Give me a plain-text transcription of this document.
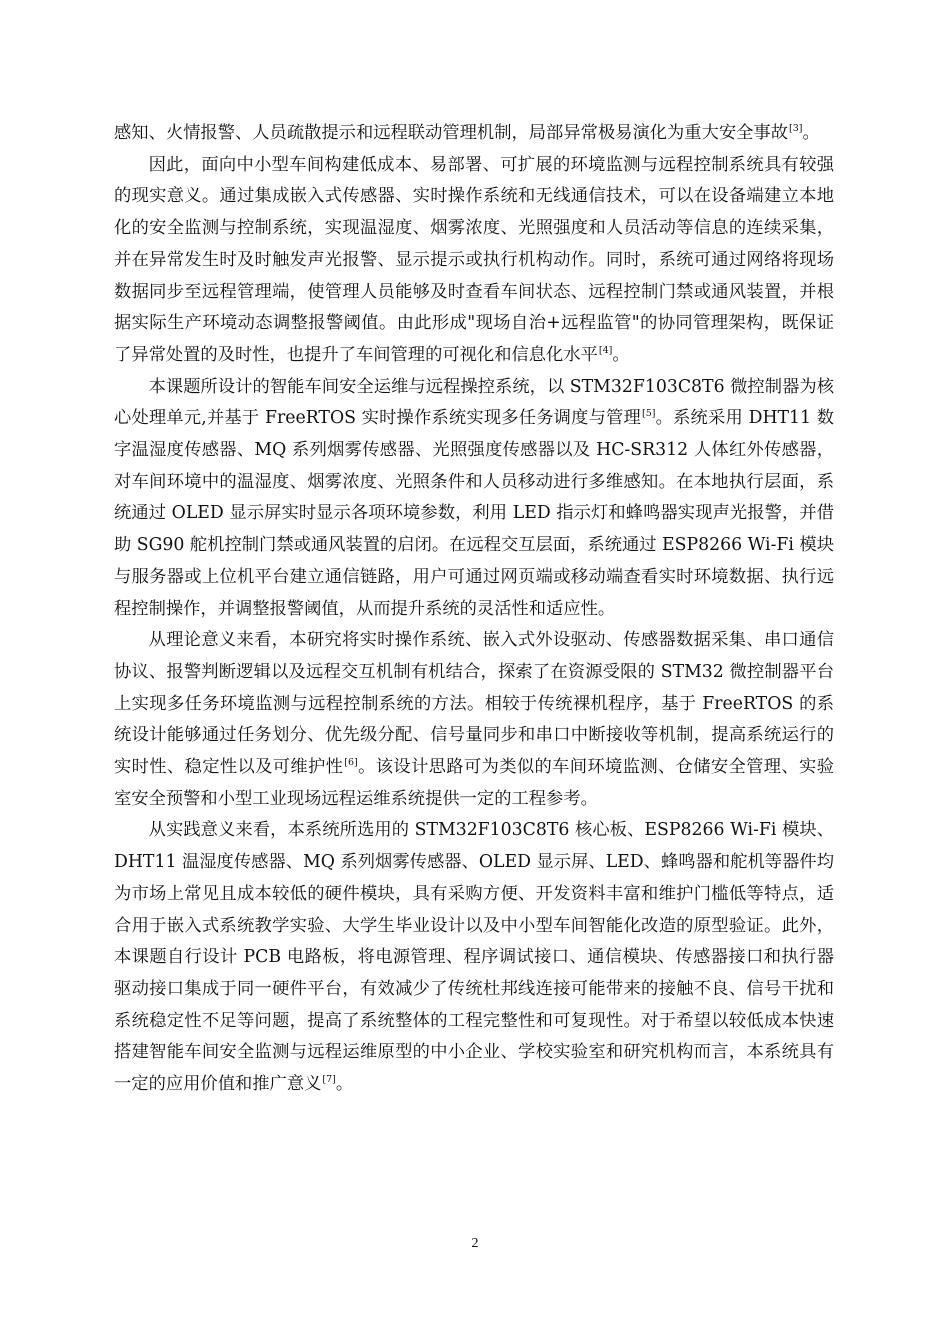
感知、火情报警、人员疏散提示和远程联动管理机制，局部异常极易演化为重大安全事故[3]。

因此，面向中小型车间构建低成本、易部署、可扩展的环境监测与远程控制系统具有较强的现实意义。通过集成嵌入式传感器、实时操作系统和无线通信技术，可以在设备端建立本地化的安全监测与控制系统，实现温湿度、烟雾浓度、光照强度和人员活动等信息的连续采集，并在异常发生时及时触发声光报警、显示提示或执行机构动作。同时，系统可通过网络将现场数据同步至远程管理端，使管理人员能够及时查看车间状态、远程控制门禁或通风装置，并根据实际生产环境动态调整报警阈值。由此形成"现场自治+远程监管"的协同管理架构，既保证了异常处置的及时性，也提升了车间管理的可视化和信息化水平[4]。

本课题所设计的智能车间安全运维与远程操控系统，以 STM32F103C8T6 微控制器为核心处理单元,并基于 FreeRTOS 实时操作系统实现多任务调度与管理[5]。系统采用 DHT11 数字温湿度传感器、MQ 系列烟雾传感器、光照强度传感器以及 HC-SR312 人体红外传感器，对车间环境中的温湿度、烟雾浓度、光照条件和人员移动进行多维感知。在本地执行层面，系统通过 OLED 显示屏实时显示各项环境参数，利用 LED 指示灯和蜂鸣器实现声光报警，并借助 SG90 舵机控制门禁或通风装置的启闭。在远程交互层面，系统通过 ESP8266 Wi-Fi 模块与服务器或上位机平台建立通信链路，用户可通过网页端或移动端查看实时环境数据、执行远程控制操作，并调整报警阈值，从而提升系统的灵活性和适应性。

从理论意义来看，本研究将实时操作系统、嵌入式外设驱动、传感器数据采集、串口通信协议、报警判断逻辑以及远程交互机制有机结合，探索了在资源受限的 STM32 微控制器平台上实现多任务环境监测与远程控制系统的方法。相较于传统裸机程序，基于 FreeRTOS 的系统设计能够通过任务划分、优先级分配、信号量同步和串口中断接收等机制，提高系统运行的实时性、稳定性以及可维护性[6]。该设计思路可为类似的车间环境监测、仓储安全管理、实验室安全预警和小型工业现场远程运维系统提供一定的工程参考。

从实践意义来看，本系统所选用的 STM32F103C8T6 核心板、ESP8266 Wi-Fi 模块、DHT11 温湿度传感器、MQ 系列烟雾传感器、OLED 显示屏、LED、蜂鸣器和舵机等器件均为市场上常见且成本较低的硬件模块，具有采购方便、开发资料丰富和维护门槛低等特点，适合用于嵌入式系统教学实验、大学生毕业设计以及中小型车间智能化改造的原型验证。此外，本课题自行设计 PCB 电路板，将电源管理、程序调试接口、通信模块、传感器接口和执行器驱动接口集成于同一硬件平台，有效减少了传统杜邦线连接可能带来的接触不良、信号干扰和系统稳定性不足等问题，提高了系统整体的工程完整性和可复现性。对于希望以较低成本快速搭建智能车间安全监测与远程运维原型的中小企业、学校实验室和研究机构而言，本系统具有一定的应用价值和推广意义[7]。

2
